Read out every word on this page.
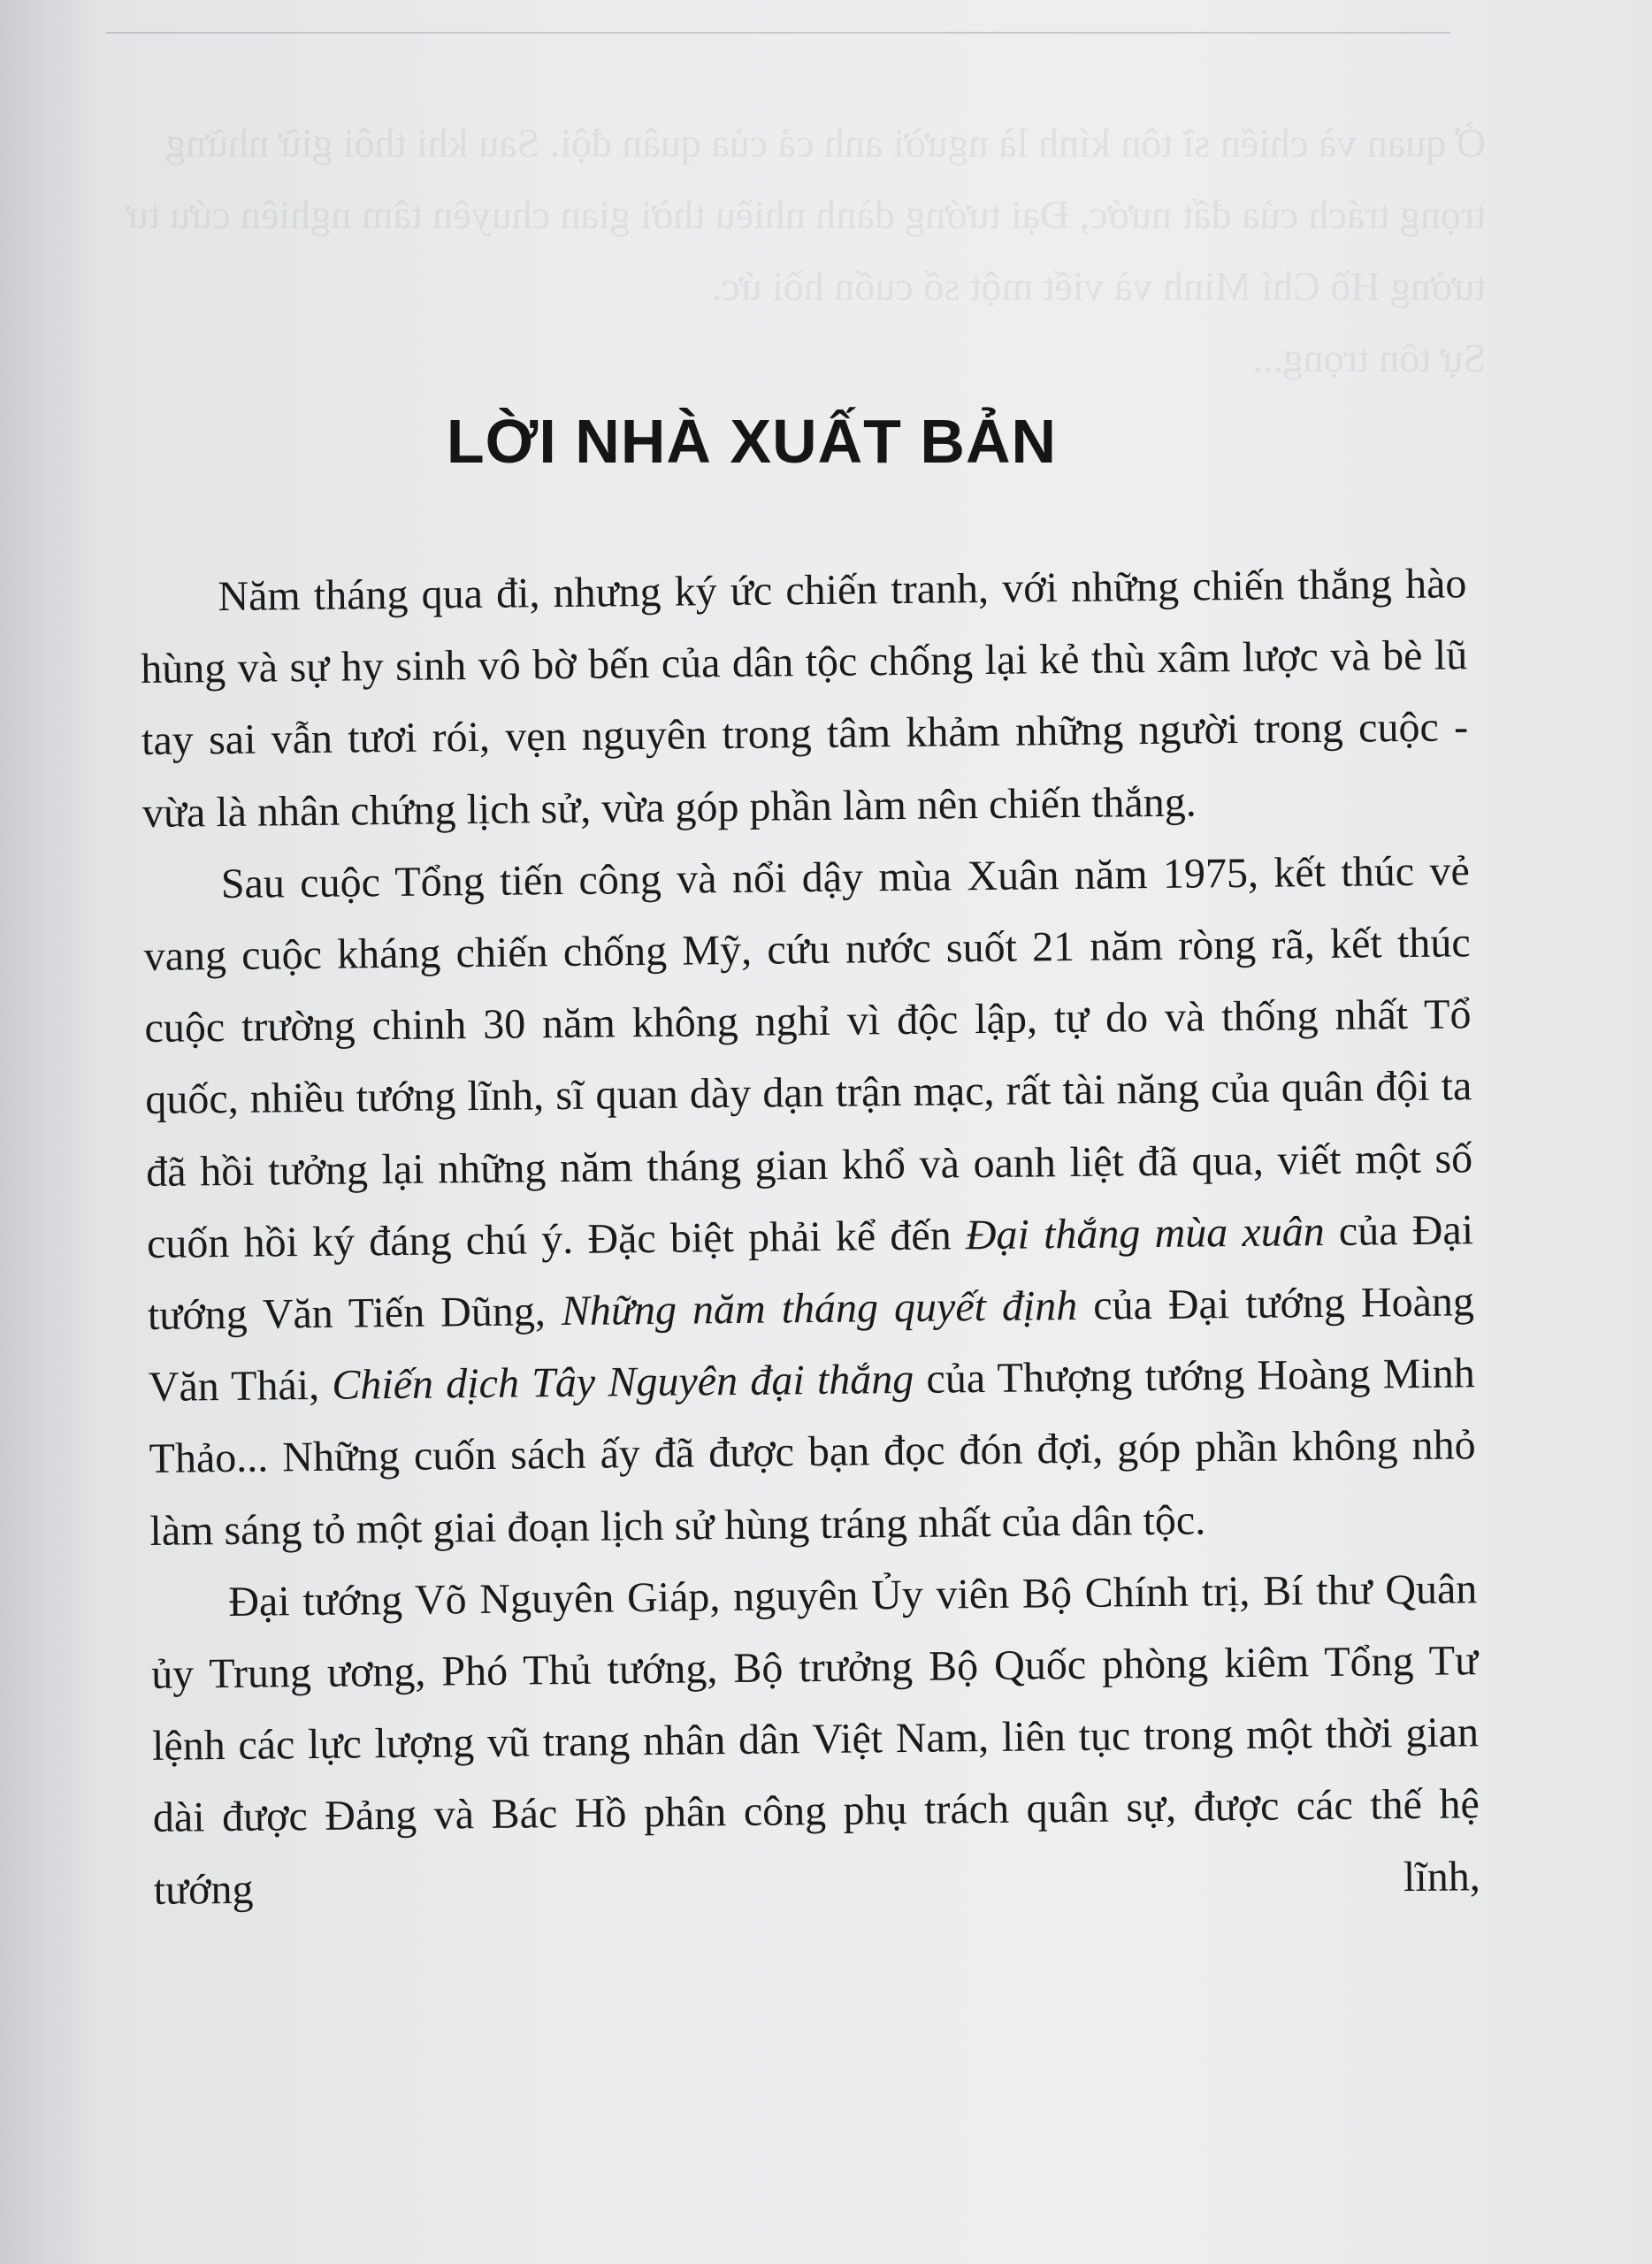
Ở quan và chiến sĩ tôn kính là người anh cả của quân đội. Sau khi thôi giữ những trọng trách của đất nước, Đại tướng dành nhiều thời gian chuyên tâm nghiên cứu tư tưởng Hồ Chí Minh và viết một số cuốn hồi ức.
Sự tôn trọng...

LỜI NHÀ XUẤT BẢN

Năm tháng qua đi, nhưng ký ức chiến tranh, với những chiến thắng hào hùng và sự hy sinh vô bờ bến của dân tộc chống lại kẻ thù xâm lược và bè lũ tay sai vẫn tươi rói, vẹn nguyên trong tâm khảm những người trong cuộc - vừa là nhân chứng lịch sử, vừa góp phần làm nên chiến thắng.

Sau cuộc Tổng tiến công và nổi dậy mùa Xuân năm 1975, kết thúc vẻ vang cuộc kháng chiến chống Mỹ, cứu nước suốt 21 năm ròng rã, kết thúc cuộc trường chinh 30 năm không nghỉ vì độc lập, tự do và thống nhất Tổ quốc, nhiều tướng lĩnh, sĩ quan dày dạn trận mạc, rất tài năng của quân đội ta đã hồi tưởng lại những năm tháng gian khổ và oanh liệt đã qua, viết một số cuốn hồi ký đáng chú ý. Đặc biệt phải kể đến Đại thắng mùa xuân của Đại tướng Văn Tiến Dũng, Những năm tháng quyết định của Đại tướng Hoàng Văn Thái, Chiến dịch Tây Nguyên đại thắng của Thượng tướng Hoàng Minh Thảo... Những cuốn sách ấy đã được bạn đọc đón đợi, góp phần không nhỏ làm sáng tỏ một giai đoạn lịch sử hùng tráng nhất của dân tộc.

Đại tướng Võ Nguyên Giáp, nguyên Ủy viên Bộ Chính trị, Bí thư Quân ủy Trung ương, Phó Thủ tướng, Bộ trưởng Bộ Quốc phòng kiêm Tổng Tư lệnh các lực lượng vũ trang nhân dân Việt Nam, liên tục trong một thời gian dài được Đảng và Bác Hồ phân công phụ trách quân sự, được các thế hệ tướng lĩnh,
